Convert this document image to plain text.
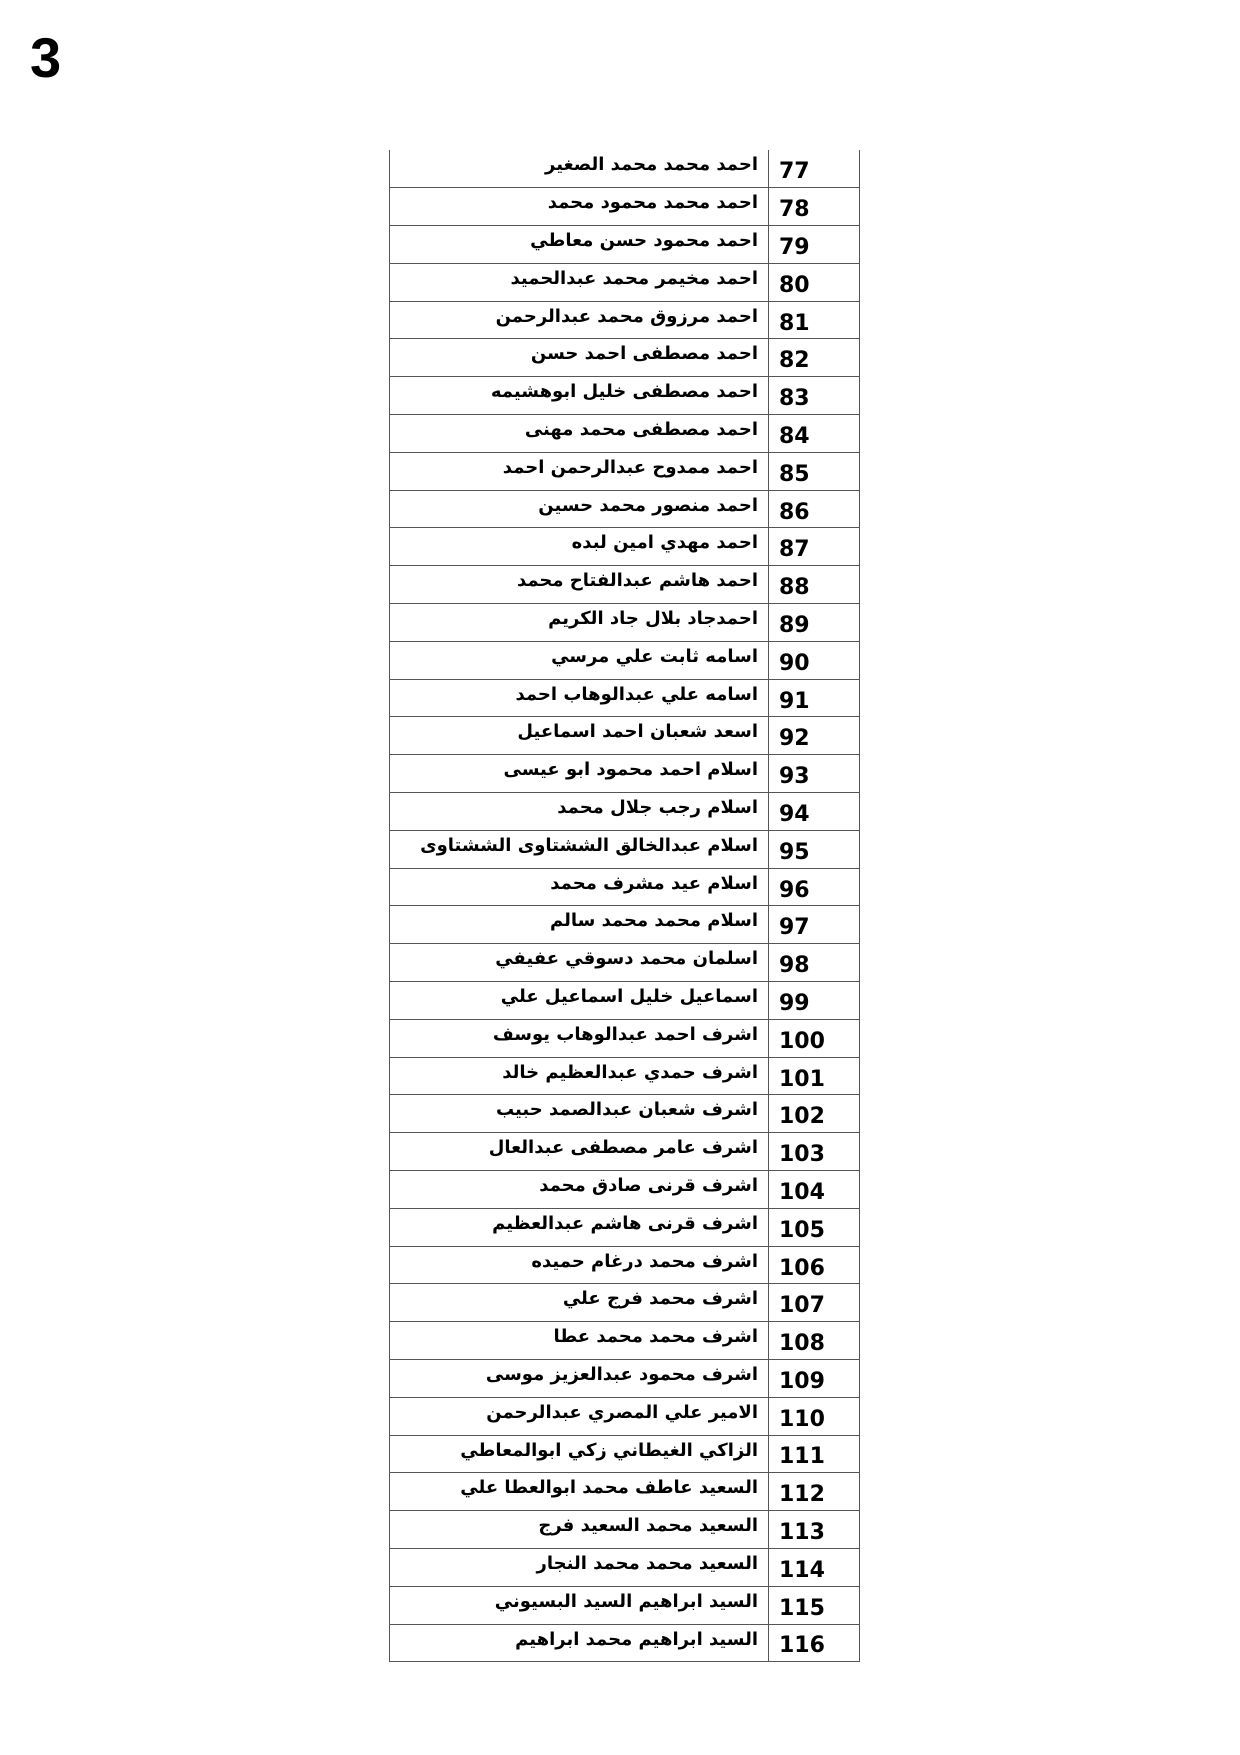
3
احمد محمد محمد الصغير	77
احمد محمد محمود محمد	78
احمد محمود حسن معاطي	79
احمد مخيمر محمد عبدالحميد	80
احمد مرزوق محمد عبدالرحمن	81
احمد مصطفى احمد حسن	82
احمد مصطفى خليل ابوهشيمه	83
احمد مصطفى محمد مهنى	84
احمد ممدوح عبدالرحمن احمد	85
احمد منصور محمد حسين	86
احمد مهدي امين لبده	87
احمد هاشم عبدالفتاح محمد	88
احمدجاد بلال جاد الكريم	89
اسامه ثابت علي مرسي	90
اسامه علي عبدالوهاب احمد	91
اسعد شعبان احمد اسماعيل	92
اسلام احمد محمود ابو عيسى	93
اسلام رجب جلال محمد	94
اسلام عبدالخالق الششتاوى الششتاوى	95
اسلام عيد مشرف محمد	96
اسلام محمد محمد سالم	97
اسلمان محمد دسوقي عفيفي	98
اسماعيل خليل اسماعيل علي	99
اشرف احمد عبدالوهاب يوسف	100
اشرف حمدي عبدالعظيم خالد	101
اشرف شعبان عبدالصمد حبيب	102
اشرف عامر مصطفى عبدالعال	103
اشرف قرنى صادق محمد	104
اشرف قرنى هاشم عبدالعظيم	105
اشرف محمد درغام حميده	106
اشرف محمد فرج علي	107
اشرف محمد محمد عطا	108
اشرف محمود عبدالعزيز موسى	109
الامير علي المصري عبدالرحمن	110
الزاكي الغيطاني زكي ابوالمعاطي	111
السعيد عاطف محمد ابوالعطا علي	112
السعيد محمد السعيد فرج	113
السعيد محمد محمد النجار	114
السيد ابراهيم السيد البسيوني	115
السيد ابراهيم محمد ابراهيم	116
